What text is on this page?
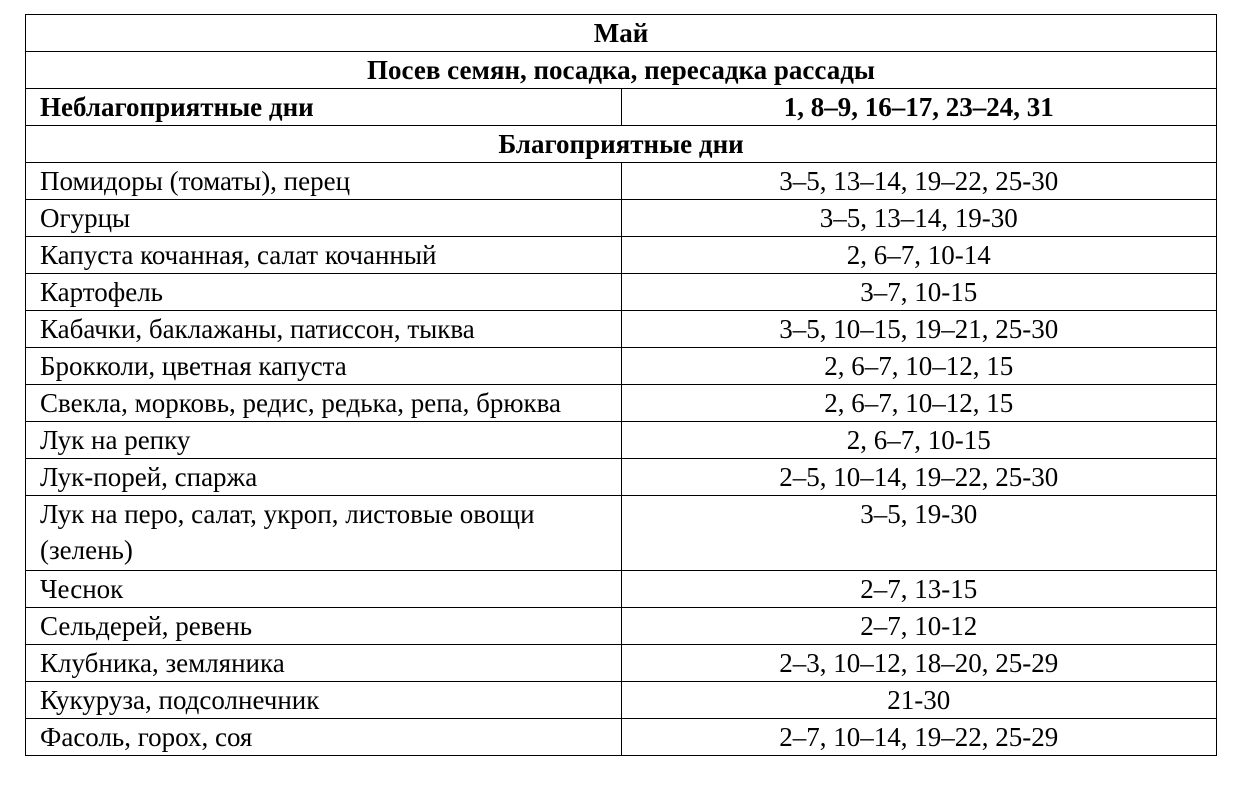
Май	
Посев семян, посадка, пересадка рассады	
Неблагоприятные дни	1, 8–9, 16–17, 23–24, 31
Благоприятные дни	
Помидоры (томаты), перец	3–5, 13–14, 19–22, 25-30
Огурцы	3–5, 13–14, 19-30
Капуста кочанная, салат кочанный	2, 6–7, 10-14
Картофель	3–7, 10-15
Кабачки, баклажаны, патиссон, тыква	3–5, 10–15, 19–21, 25-30
Брокколи, цветная капуста	2, 6–7, 10–12, 15
Свекла, морковь, редис, редька, репа, брюква	2, 6–7, 10–12, 15
Лук на репку	2, 6–7, 10-15
Лук-порей, спаржа	2–5, 10–14, 19–22, 25-30
Лук на перо, салат, укроп, листовые овощи (зелень)	3–5, 19-30
Чеснок	2–7, 13-15
Сельдерей, ревень	2–7, 10-12
Клубника, земляника	2–3, 10–12, 18–20, 25-29
Кукуруза, подсолнечник	21-30
Фасоль, горох, соя	2–7, 10–14, 19–22, 25-29
